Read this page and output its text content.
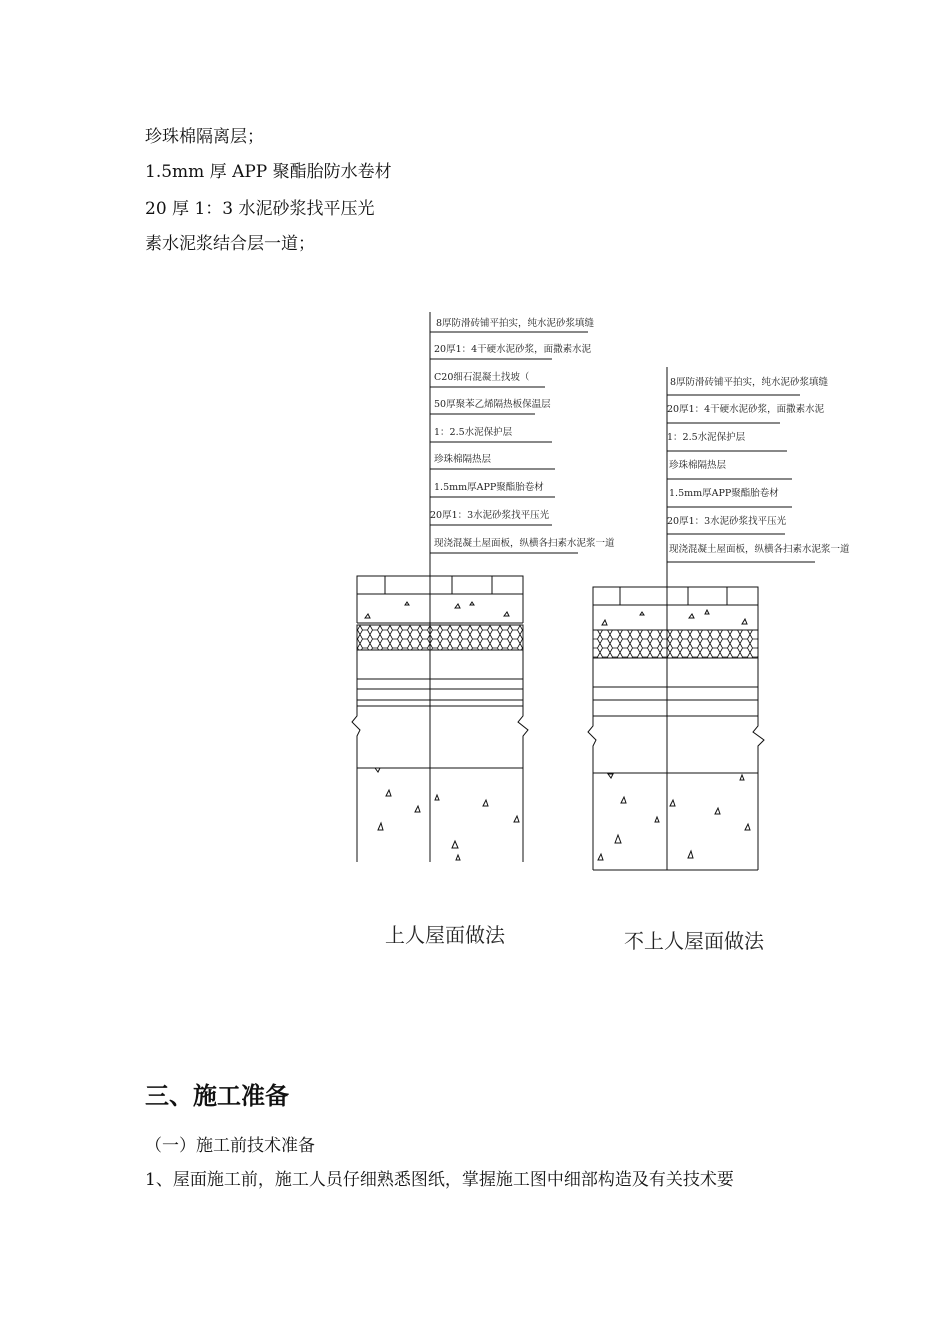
珍珠棉隔离层；

1.5mm 厚 APP 聚酯胎防水卷材

20 厚 1：3 水泥砂浆找平压光

素水泥浆结合层一道；

8厚防滑砖铺平拍实，纯水泥砂浆填缝
20厚1：4干硬水泥砂浆，面撒素水泥
C20细石混凝土找坡（
50厚聚苯乙烯隔热板保温层
1：2.5水泥保护层
珍珠棉隔热层
1.5mm厚APP聚酯胎卷材
20厚1：3水泥砂浆找平压光
现浇混凝土屋面板，纵横各扫素水泥浆一道
上人屋面做法
8厚防滑砖铺平拍实，纯水泥砂浆填缝
20厚1：4干硬水泥砂浆，面撒素水泥
1：2.5水泥保护层
珍珠棉隔热层
1.5mm厚APP聚酯胎卷材
20厚1：3水泥砂浆找平压光
现浇混凝土屋面板，纵横各扫素水泥浆一道
不上人屋面做法
三、施工准备

（一）施工前技术准备

1、屋面施工前，施工人员仔细熟悉图纸，掌握施工图中细部构造及有关技术要
